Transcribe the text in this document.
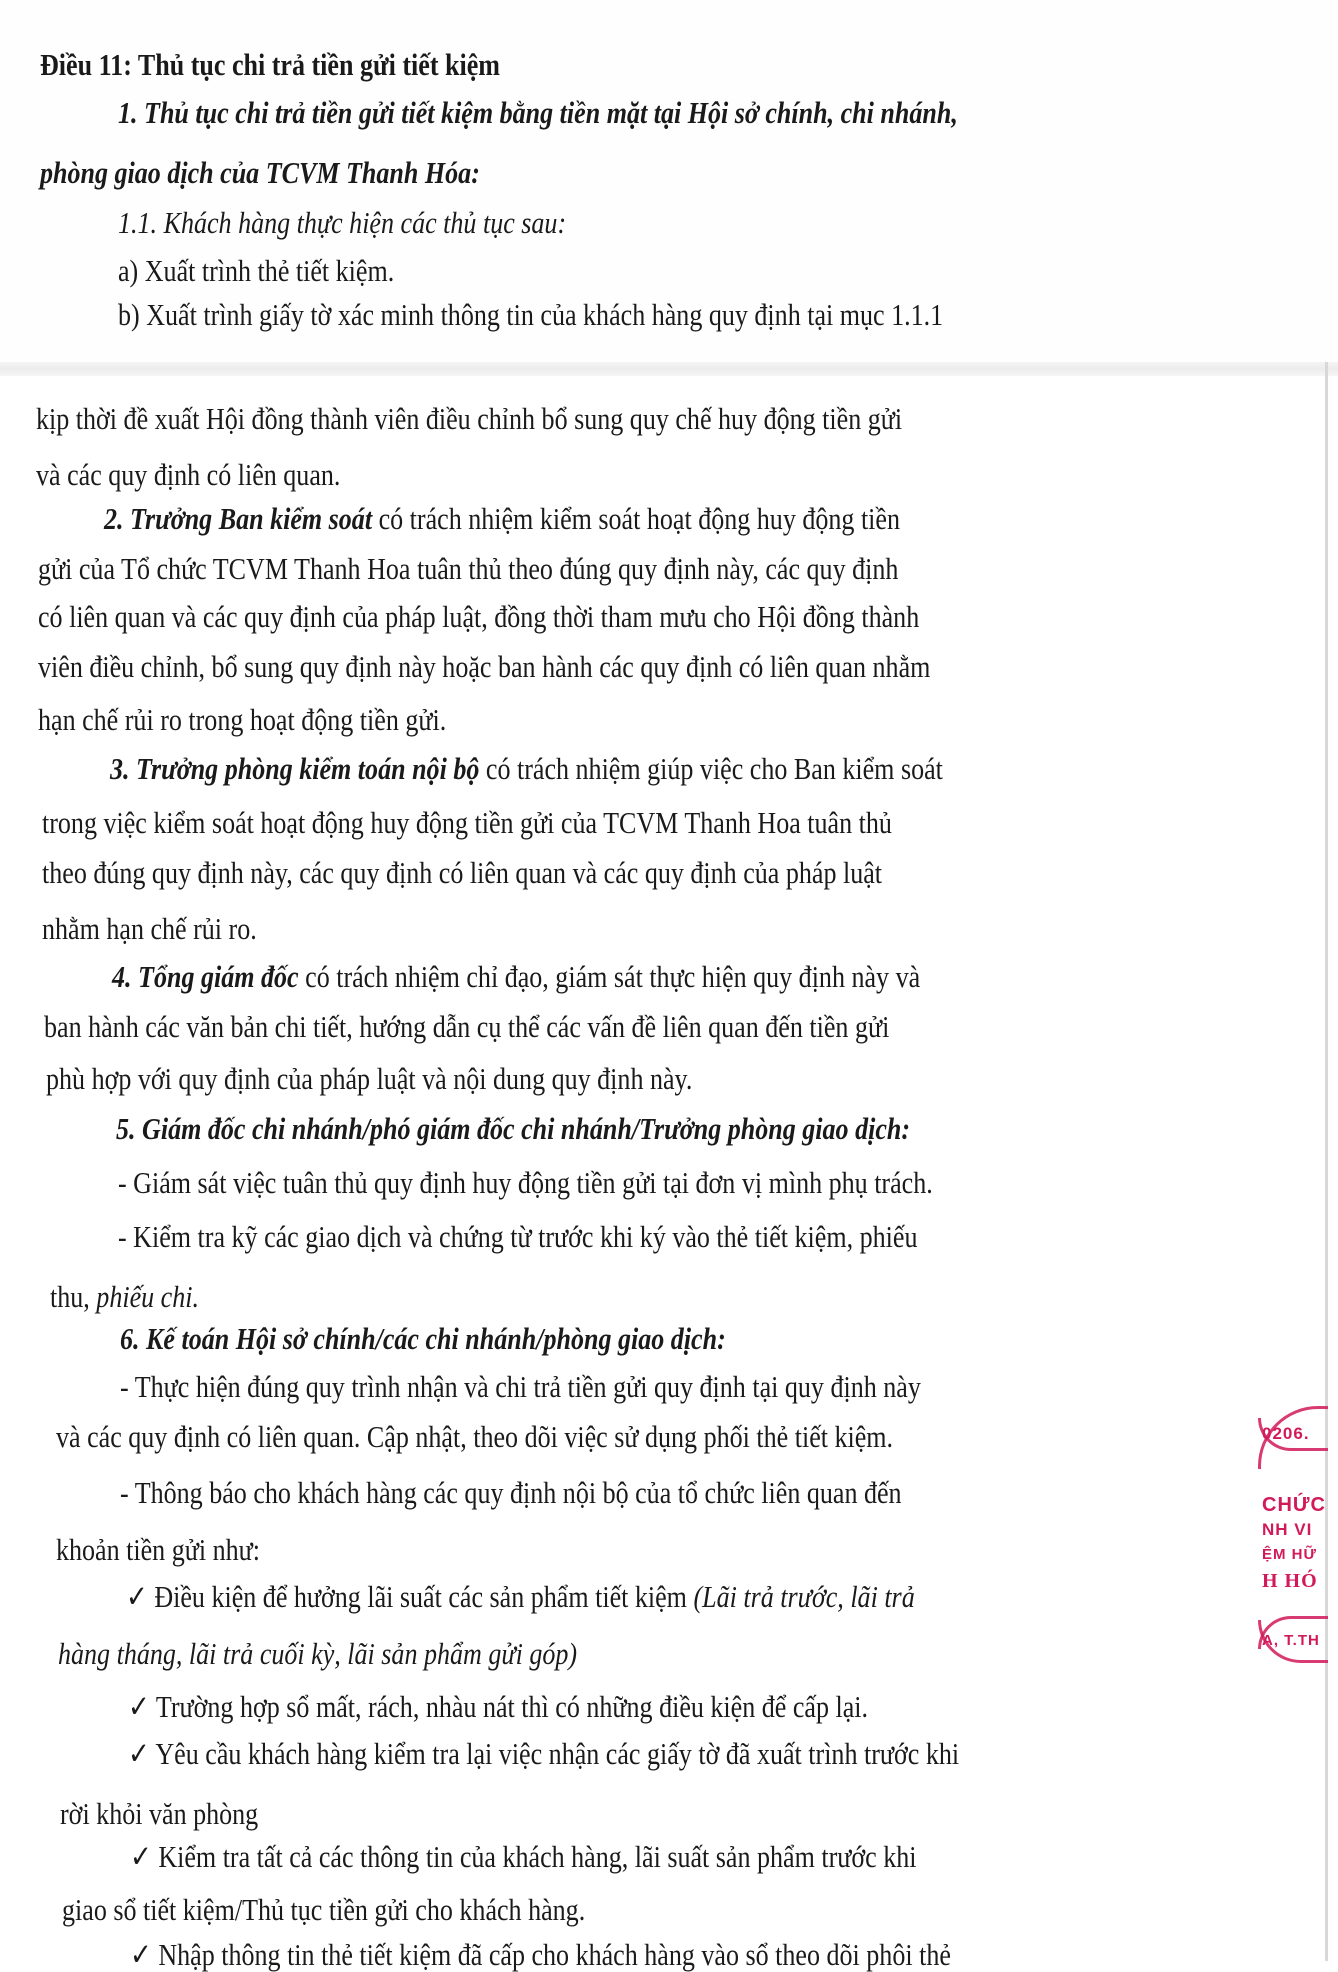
Điều 11: Thủ tục chi trả tiền gửi tiết kiệm
1. Thủ tục chi trả tiền gửi tiết kiệm bằng tiền mặt tại Hội sở chính, chi nhánh,
phòng giao dịch của TCVM Thanh Hóa:
1.1. Khách hàng thực hiện các thủ tục sau:
a) Xuất trình thẻ tiết kiệm.
b) Xuất trình giấy tờ xác minh thông tin của khách hàng quy định tại mục 1.1.1
kịp thời đề xuất Hội đồng thành viên điều chỉnh bổ sung quy chế huy động tiền gửi
và các quy định có liên quan.
2. Trưởng Ban kiểm soát có trách nhiệm kiểm soát hoạt động huy động tiền
gửi của Tổ chức TCVM Thanh Hoa tuân thủ theo đúng quy định này, các quy định
có liên quan và các quy định của pháp luật, đồng thời tham mưu cho Hội đồng thành
viên điều chỉnh, bổ sung quy định này hoặc ban hành các quy định có liên quan nhằm
hạn chế rủi ro trong hoạt động tiền gửi.
3. Trưởng phòng kiểm toán nội bộ có trách nhiệm giúp việc cho Ban kiểm soát
trong việc kiểm soát hoạt động huy động tiền gửi của TCVM Thanh Hoa tuân thủ
theo đúng quy định này, các quy định có liên quan và các quy định của pháp luật
nhằm hạn chế rủi ro.
4. Tổng giám đốc có trách nhiệm chỉ đạo, giám sát thực hiện quy định này và
ban hành các văn bản chi tiết, hướng dẫn cụ thể các vấn đề liên quan đến tiền gửi
phù hợp với quy định của pháp luật và nội dung quy định này.
5. Giám đốc chi nhánh/phó giám đốc chi nhánh/Trưởng phòng giao dịch:
- Giám sát việc tuân thủ quy định huy động tiền gửi tại đơn vị mình phụ trách.
- Kiểm tra kỹ các giao dịch và chứng từ trước khi ký vào thẻ tiết kiệm, phiếu
thu, phiếu chi.
6. Kế toán Hội sở chính/các chi nhánh/phòng giao dịch:
- Thực hiện đúng quy trình nhận và chi trả tiền gửi quy định tại quy định này
và các quy định có liên quan. Cập nhật, theo dõi việc sử dụng phối thẻ tiết kiệm.
- Thông báo cho khách hàng các quy định nội bộ của tổ chức liên quan đến
khoản tiền gửi như:
✓ Điều kiện để hưởng lãi suất các sản phẩm tiết kiệm (Lãi trả trước, lãi trả
hàng tháng, lãi trả cuối kỳ, lãi sản phẩm gửi góp)
✓ Trường hợp sổ mất, rách, nhàu nát thì có những điều kiện để cấp lại.
✓ Yêu cầu khách hàng kiểm tra lại việc nhận các giấy tờ đã xuất trình trước khi
rời khỏi văn phòng
✓ Kiểm tra tất cả các thông tin của khách hàng, lãi suất sản phẩm trước khi
giao sổ tiết kiệm/Thủ tục tiền gửi cho khách hàng.
✓ Nhập thông tin thẻ tiết kiệm đã cấp cho khách hàng vào sổ theo dõi phôi thẻ
0206.
CHỨC
NH VI
ỆM HỮ
H HÓ
A, T.TH
